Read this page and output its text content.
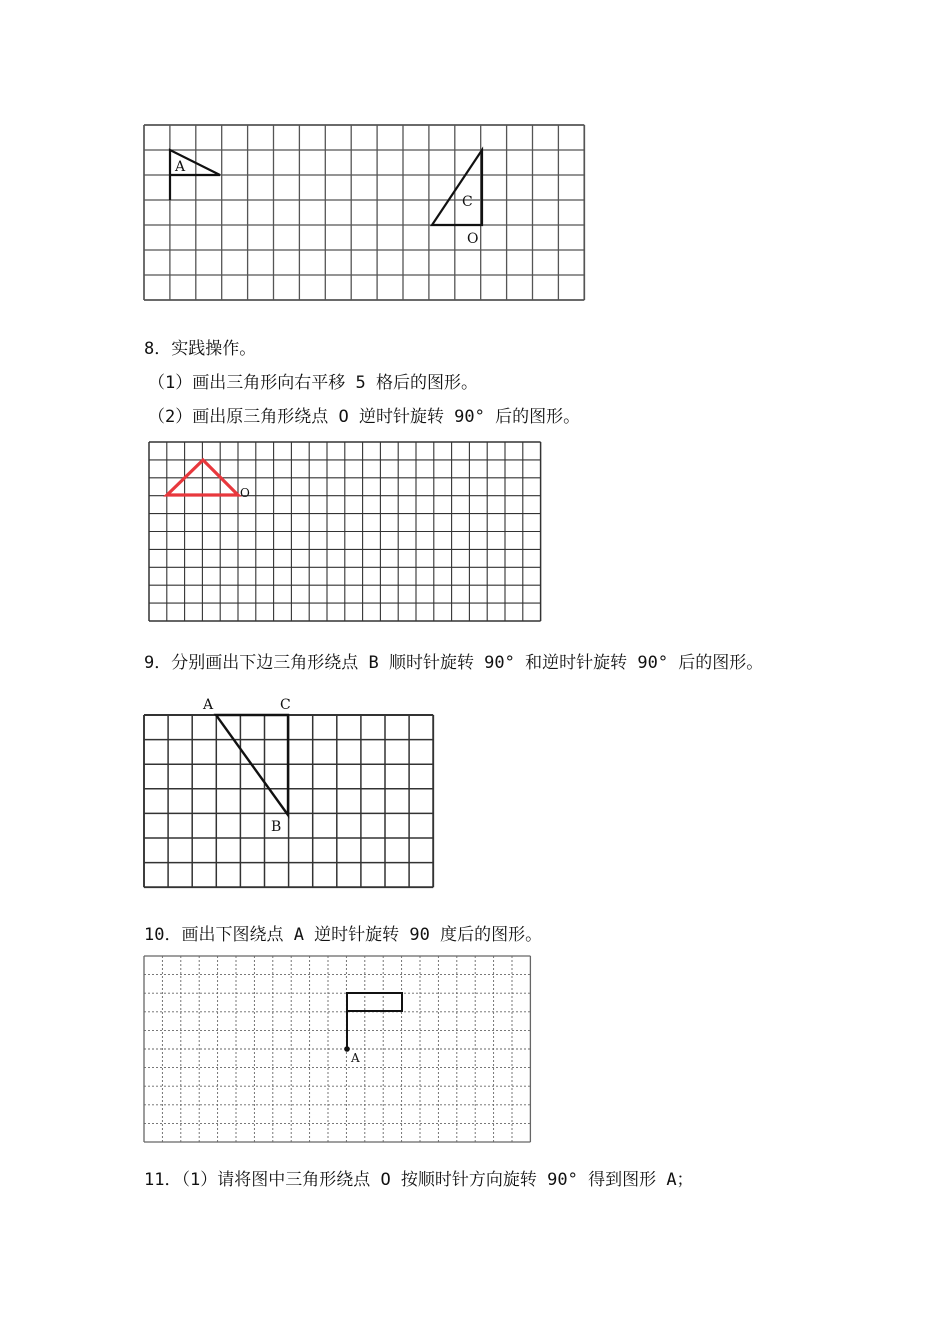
A
C
O
O
A	C
B
A
8．实践操作。
（1）画出三角形向右平移 5 格后的图形。
（2）画出原三角形绕点 O 逆时针旋转 90° 后的图形。
9．分别画出下边三角形绕点 B 顺时针旋转 90° 和逆时针旋转 90° 后的图形。
10．画出下图绕点 A 逆时针旋转 90 度后的图形。
11．（1）请将图中三角形绕点 O 按顺时针方向旋转 90° 得到图形 A；
